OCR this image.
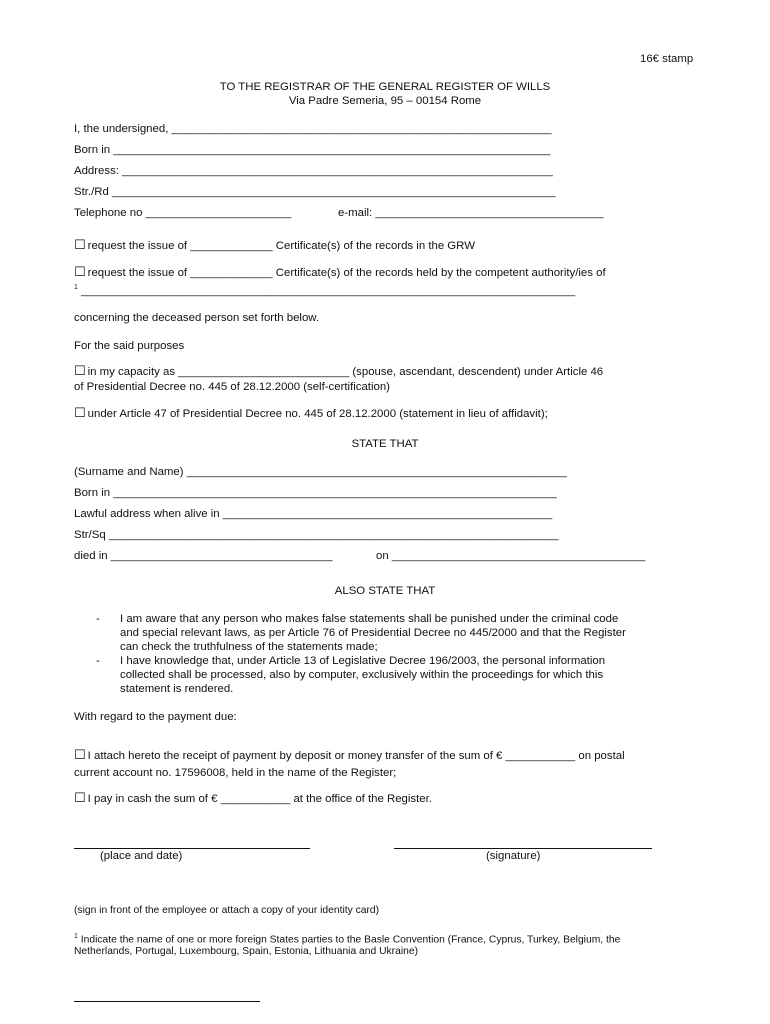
16€ stamp
TO THE REGISTRAR OF THE GENERAL REGISTER OF WILLS
Via Padre Semeria, 95 – 00154 Rome
I, the undersigned, ____________________________________________________________
Born in _____________________________________________________________________
Address: ____________________________________________________________________
Str./Rd ______________________________________________________________________
Telephone no _______________________	e-mail: ____________________________________
☐ request the issue of _____________ Certificate(s) of the records in the GRW
☐ request the issue of _____________ Certificate(s) of the records held by the competent authority/ies of
$^1$ ______________________________________________________________________________
concerning the deceased person set forth below.
For the said purposes
☐ in my capacity as ___________________________ (spouse, ascendant, descendent) under Article 46
of Presidential Decree no. 445 of 28.12.2000 (self-certification)
☐ under Article 47 of Presidential Decree no. 445 of 28.12.2000 (statement in lieu of affidavit);
STATE THAT
(Surname and Name) ____________________________________________________________
Born in ______________________________________________________________________
Lawful address when alive in ____________________________________________________
Str/Sq _______________________________________________________________________
died in ___________________________________	on ________________________________________
ALSO STATE THAT
- I am aware that any person who makes false statements shall be punished under the criminal code
and special relevant laws, as per Article 76 of Presidential Decree no 445/2000 and that the Register
can check the truthfulness of the statements made;
- I have knowledge that, under Article 13 of Legislative Decree 196/2003, the personal information
collected shall be processed, also by computer, exclusively within the proceedings for which this
statement is rendered.
With regard to the payment due:
☐ I attach hereto the receipt of payment by deposit or money transfer of the sum of € ___________ on postal
current account no. 17596008, held in the name of the Register;
☐ I pay in cash the sum of € ___________ at the office of the Register.
(place and date)	(signature)
(sign in front of the employee or attach a copy of your identity card)
$^1$ Indicate the name of one or more foreign States parties to the Basle Convention (France, Cyprus, Turkey, Belgium, the
Netherlands, Portugal, Luxembourg, Spain, Estonia, Lithuania and Ukraine)
